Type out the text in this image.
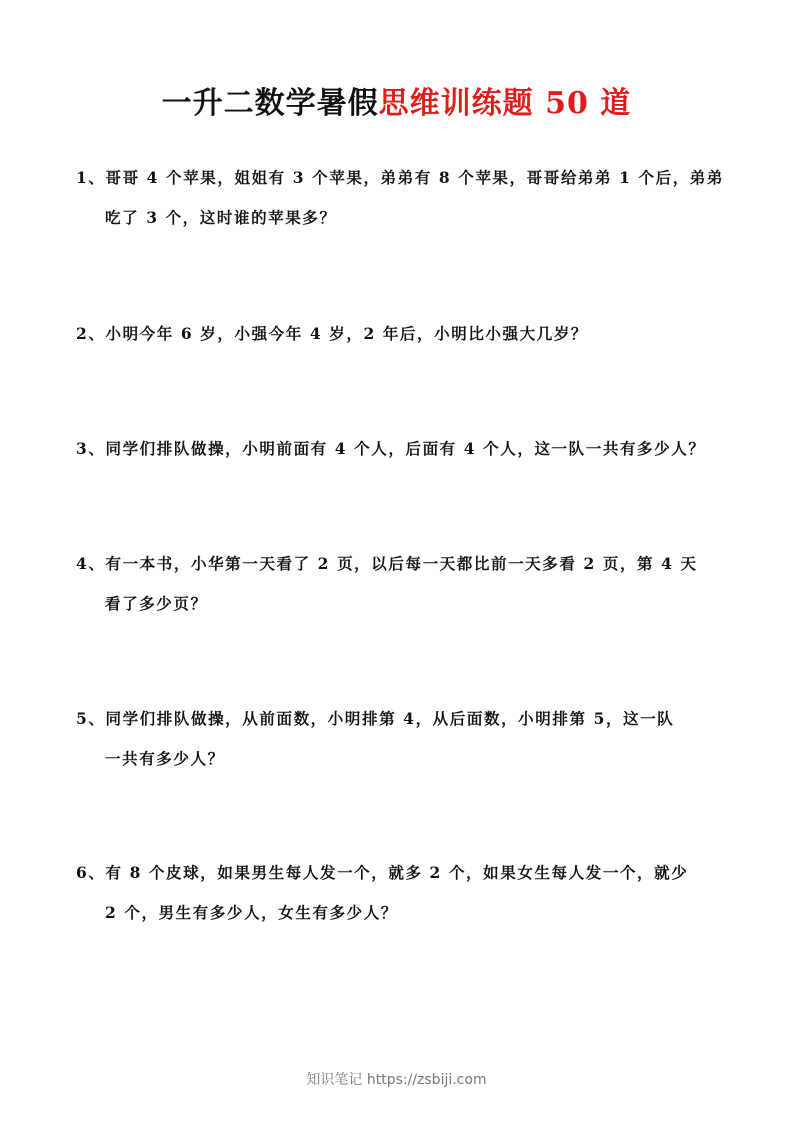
一升二数学暑假思维训练题 50 道
1、哥哥 4 个苹果，姐姐有 3 个苹果，弟弟有 8 个苹果，哥哥给弟弟 1 个后，弟弟
吃了 3 个，这时谁的苹果多？
2、小明今年 6 岁，小强今年 4 岁，2 年后，小明比小强大几岁？
3、同学们排队做操，小明前面有 4 个人，后面有 4 个人，这一队一共有多少人？
4、有一本书，小华第一天看了 2 页，以后每一天都比前一天多看 2 页，第 4 天
看了多少页？
5、同学们排队做操，从前面数，小明排第 4，从后面数，小明排第 5，这一队
一共有多少人？
6、有 8 个皮球，如果男生每人发一个，就多 2 个，如果女生每人发一个，就少
2 个，男生有多少人，女生有多少人？
知识笔记 https://zsbiji.com
